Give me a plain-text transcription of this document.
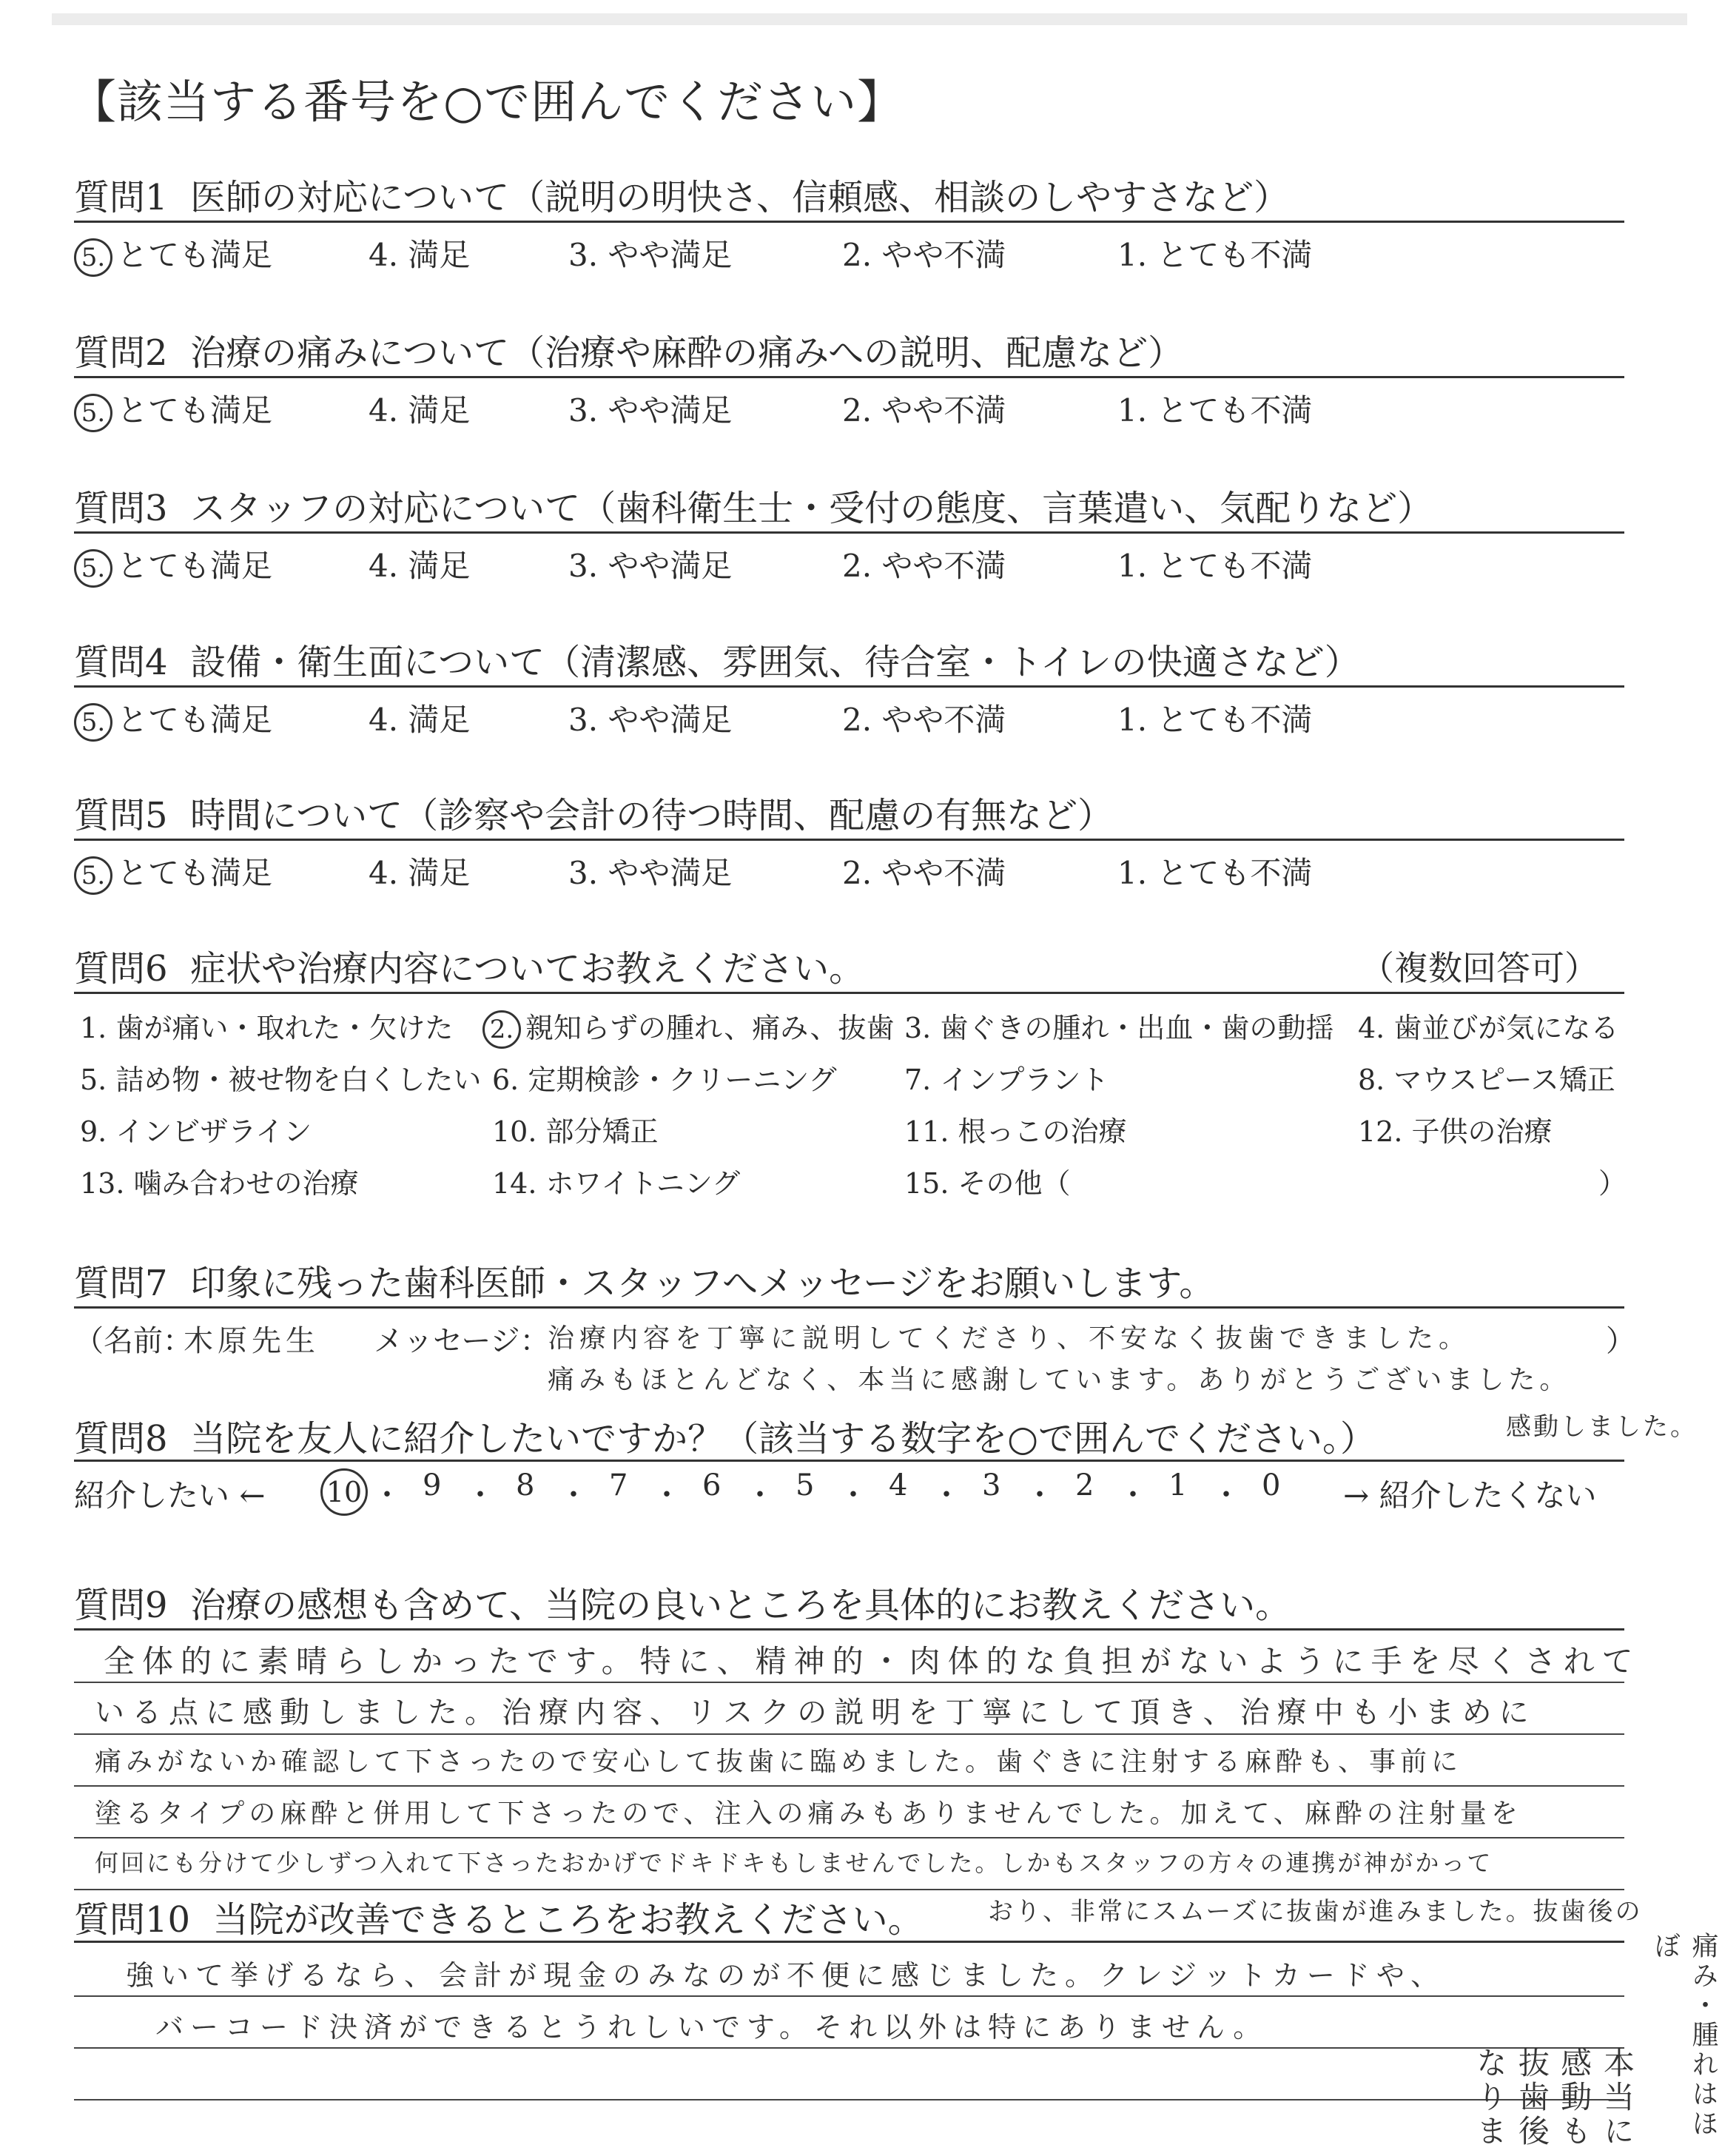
【該当する番号を○で囲んでください】
質問1 医師の対応について（説明の明快さ、信頼感、相談のしやすさなど）
5. とても満足	4. 満足	3. やや満足	2. やや不満	1. とても不満
質問2 治療の痛みについて（治療や麻酔の痛みへの説明、配慮など）
5. とても満足	4. 満足	3. やや満足	2. やや不満	1. とても不満
質問3 スタッフの対応について（歯科衛生士・受付の態度、言葉遣い、気配りなど）
5. とても満足	4. 満足	3. やや満足	2. やや不満	1. とても不満
質問4 設備・衛生面について（清潔感、雰囲気、待合室・トイレの快適さなど）
5. とても満足	4. 満足	3. やや満足	2. やや不満	1. とても不満
質問5 時間について（診察や会計の待つ時間、配慮の有無など）
5. とても満足	4. 満足	3. やや満足	2. やや不満	1. とても不満
質問6 症状や治療内容についてお教えください。	（複数回答可）
1. 歯が痛い・取れた・欠けた 2. 親知らずの腫れ、痛み、抜歯 3. 歯ぐきの腫れ・出血・歯の動揺 4. 歯並びが気になる
5. 詰め物・被せ物を白くしたい 6. 定期検診・クリーニング 7. インプラント	8. マウスピース矯正
9. インビザライン	10. 部分矯正	11. 根っこの治療	12. 子供の治療
13. 噛み合わせの治療	14. ホワイトニング	15. その他（	）
質問7 印象に残った歯科医師・スタッフへメッセージをお願いします。
（名前：
木原先生 メッセージ：
治療内容を丁寧に説明してくださり、不安なく抜歯できました。	）
痛みもほとんどなく、本当に感謝しています。ありがとうございました。
感動しました。
質問8 当院を友人に紹介したいですか？（該当する数字を○で囲んでください。）
紹介したい ← 10 ・ 9 ・ 8 ・ 7 ・ 6 ・ 5 ・ 4 ・ 3 ・ 2 ・ 1 ・ 0 → 紹介したくない
質問9 治療の感想も含めて、当院の良いところを具体的にお教えください。
全体的に素晴らしかったです。特に、精神的・肉体的な負担がないように手を尽くされて
いる点に感動しました。治療内容、リスクの説明を丁寧にして頂き、治療中も小まめに
痛みがないか確認して下さったので安心して抜歯に臨めました。歯ぐきに注射する麻酔も、事前に
塗るタイプの麻酔と併用して下さったので、注入の痛みもありませんでした。加えて、麻酔の注射量を
何回にも分けて少しずつ入れて下さったおかげでドキドキもしませんでした。しかもスタッフの方々の連携が神がかって
質問10 当院が改善できるところをお教えください。	おり、非常にスムーズに抜歯が進みました。抜歯後の
強いて挙げるなら、会計が現金のみなのが不便に感じました。クレジットカードや、
バーコード決済ができるとうれしいです。それ以外は特にありません。	痛み・腫れはほぼ
本当に
感動も
抜歯後
なりま
